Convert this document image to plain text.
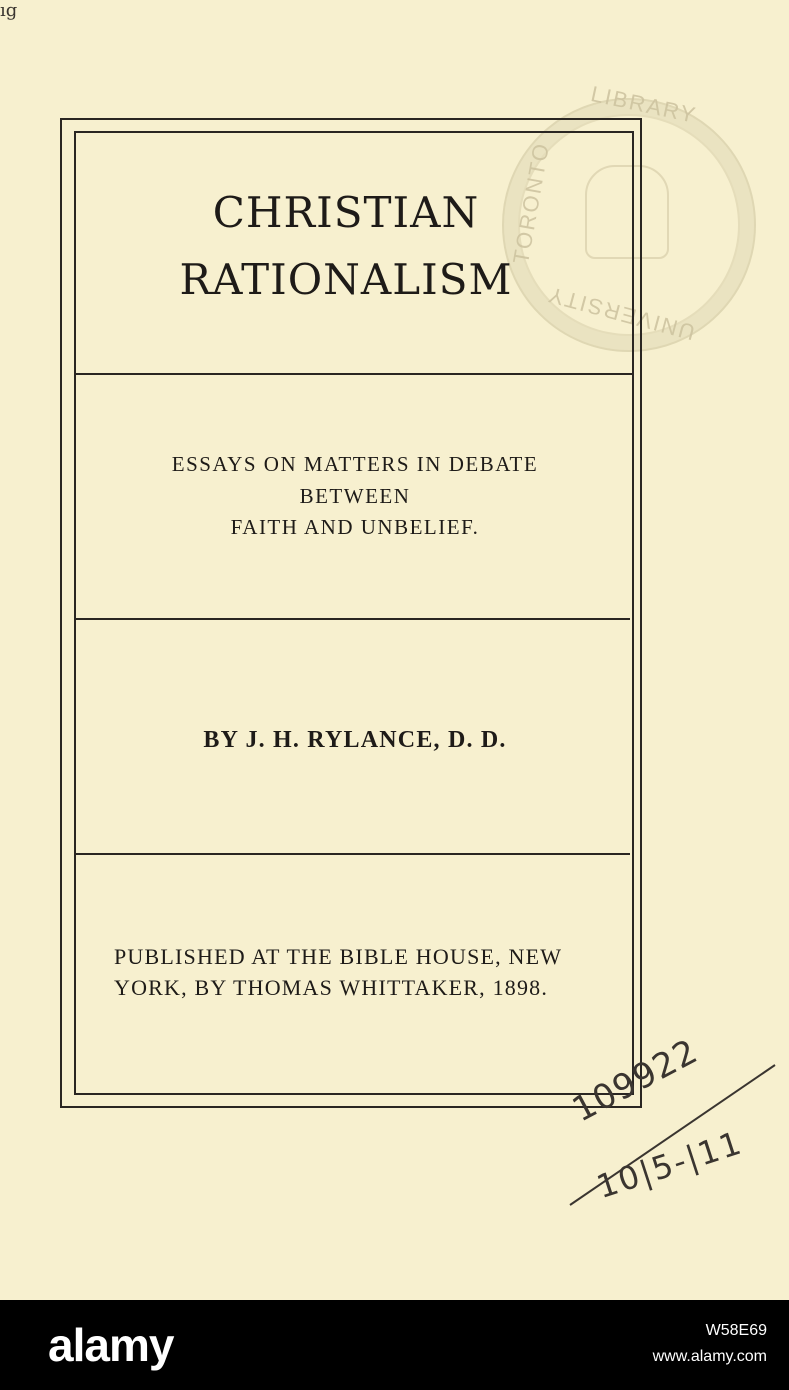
ıg
LIBRARY
TORONTO
UNIVERSITY
CHRISTIAN
RATIONALISM
ESSAYS ON MATTERS IN DEBATE
BETWEEN
FAITH AND UNBELIEF.
BY J. H. RYLANCE, D. D.
PUBLISHED AT THE BIBLE HOUSE, NEW
YORK, BY THOMAS WHITTAKER, 1898.
109922
10|5-|11
alamy	W58E69
www.alamy.com
